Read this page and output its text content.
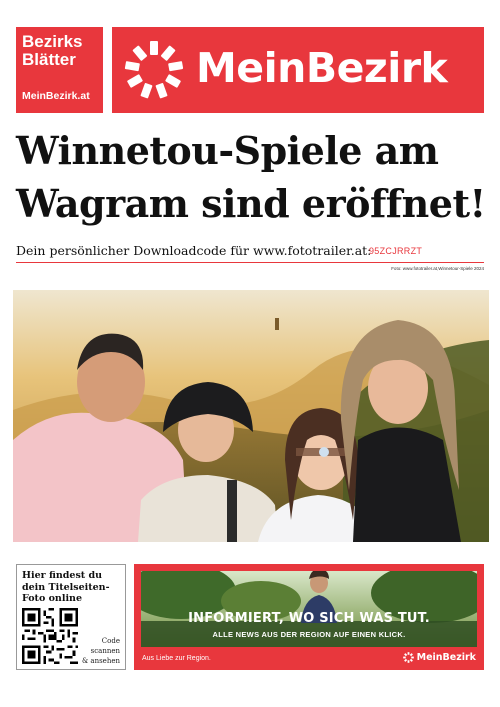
Bezirks
Blätter
MeinBezirk.at
MeinBezirk
Winnetou-Spiele am
Wagram sind eröffnet!
Dein persönlicher Downloadcode für www.fototrailer.at:
95ZCJRRZT
Foto: www.fototrailer.at,Winnetour-Spiele 2024
Hier findest du dein Titelseiten-Foto online
Code
scannen
& ansehen
INFORMIERT, WO SICH WAS TUT.
ALLE NEWS AUS DER REGION AUF EINEN KLICK.
Aus Liebe zur Region.	MeinBezirk
